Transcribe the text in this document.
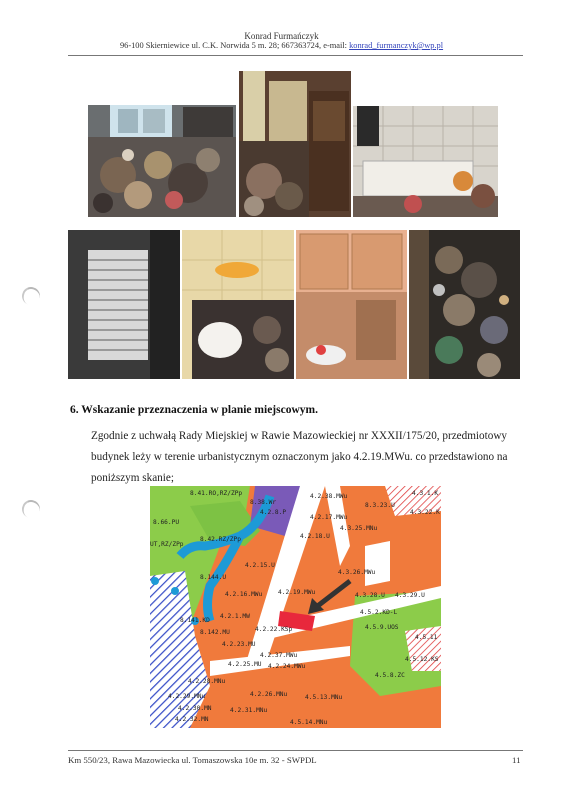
Konrad Furmańczyk
96-100 Skierniewice ul. C.K. Norwida 5 m. 28; 667363724, e-mail: konrad_furmanczyk@wp.pl
6. Wskazanie przeznaczenia w planie miejscowym.
Zgodnie z uchwałą Rady Miejskiej w Rawie Mazowieckiej nr XXXII/175/20, przedmiotowy budynek leży w terenie urbanistycznym oznaczonym jako 4.2.19.MWu. co przedstawiono na poniższym skanie;
8.41.RO,RZ/ZPp
8.38.Wr
4.2.38.MWu	4.3.1.K
8.3.23.U
4.3.22.K
8.66.PU
4.2.8.P
4.2.17.MWu
4.3.25.MNu
UT,RZ/ZPp
8.42.RZ/ZPp	4.2.18.U
4.2.15.U
4.3.26.MWu
8.144.U
4.2.16.MWu	4.2.19.MWu	4.3.28.U 4.3.29.U
4.5.2.KD-L
8.141.KD
8.142.MU
4.2.1.MW
4.2.22.KSp	4.5.9.UOS
4.5.11
4.2.23.MU
4.2.37.MWu
4.5.12.KS
4.2.25.MU 4.2.24.MWu
4.5.8.ZC
4.2.28.MNu
4.2.29.MNu	4.2.26.MNu	4.5.13.MNu
4.2.30.MN	4.2.31.MNu
4.2.32.MN	4.5.14.MNu
Km 550/23, Rawa Mazowiecka ul. Tomaszowska 10e m. 32 - SWPDL	11
